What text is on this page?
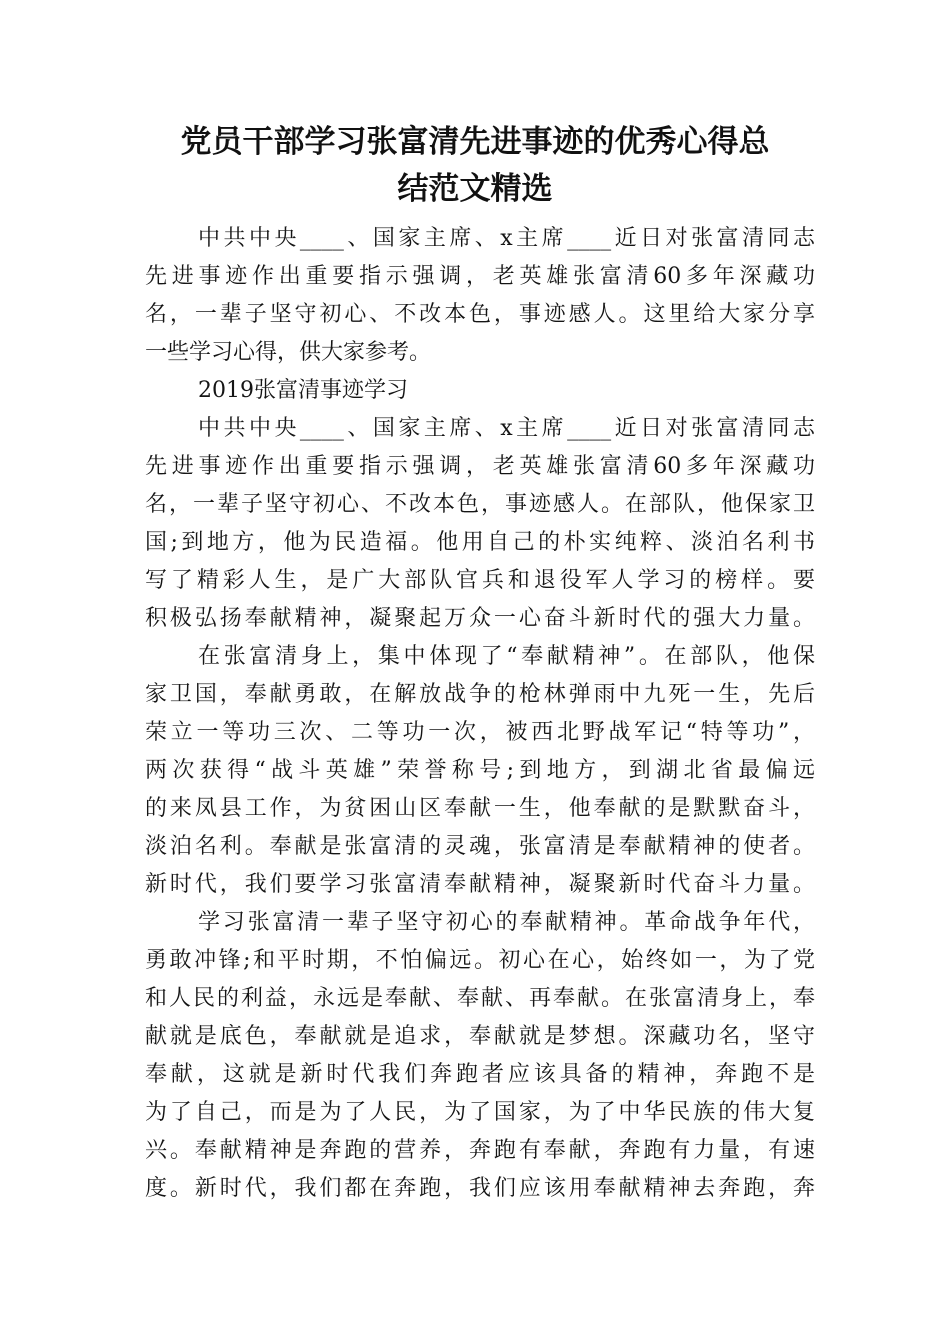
党员干部学习张富清先进事迹的优秀心得总
结范文精选
中共中央____、国家主席、x主席____近日对张富清同志
先进事迹作出重要指示强调，老英雄张富清60多年深藏功
名，一辈子坚守初心、不改本色，事迹感人。这里给大家分享
一些学习心得，供大家参考。
2019张富清事迹学习
中共中央____、国家主席、x主席____近日对张富清同志
先进事迹作出重要指示强调，老英雄张富清60多年深藏功
名，一辈子坚守初心、不改本色，事迹感人。在部队，他保家卫
国;到地方，他为民造福。他用自己的朴实纯粹、淡泊名利书
写了精彩人生，是广大部队官兵和退役军人学习的榜样。要
积极弘扬奉献精神，凝聚起万众一心奋斗新时代的强大力量。
在张富清身上，集中体现了“奉献精神”。在部队，他保
家卫国，奉献勇敢，在解放战争的枪林弹雨中九死一生，先后
荣立一等功三次、二等功一次，被西北野战军记“特等功”，
两次获得“战斗英雄”荣誉称号;到地方，到湖北省最偏远
的来凤县工作，为贫困山区奉献一生，他奉献的是默默奋斗，
淡泊名利。奉献是张富清的灵魂，张富清是奉献精神的使者。
新时代，我们要学习张富清奉献精神，凝聚新时代奋斗力量。
学习张富清一辈子坚守初心的奉献精神。革命战争年代，
勇敢冲锋;和平时期，不怕偏远。初心在心，始终如一，为了党
和人民的利益，永远是奉献、奉献、再奉献。在张富清身上，奉
献就是底色，奉献就是追求，奉献就是梦想。深藏功名，坚守
奉献，这就是新时代我们奔跑者应该具备的精神，奔跑不是
为了自己，而是为了人民，为了国家，为了中华民族的伟大复
兴。奉献精神是奔跑的营养，奔跑有奉献，奔跑有力量，有速
度。新时代，我们都在奔跑，我们应该用奉献精神去奔跑，奔
